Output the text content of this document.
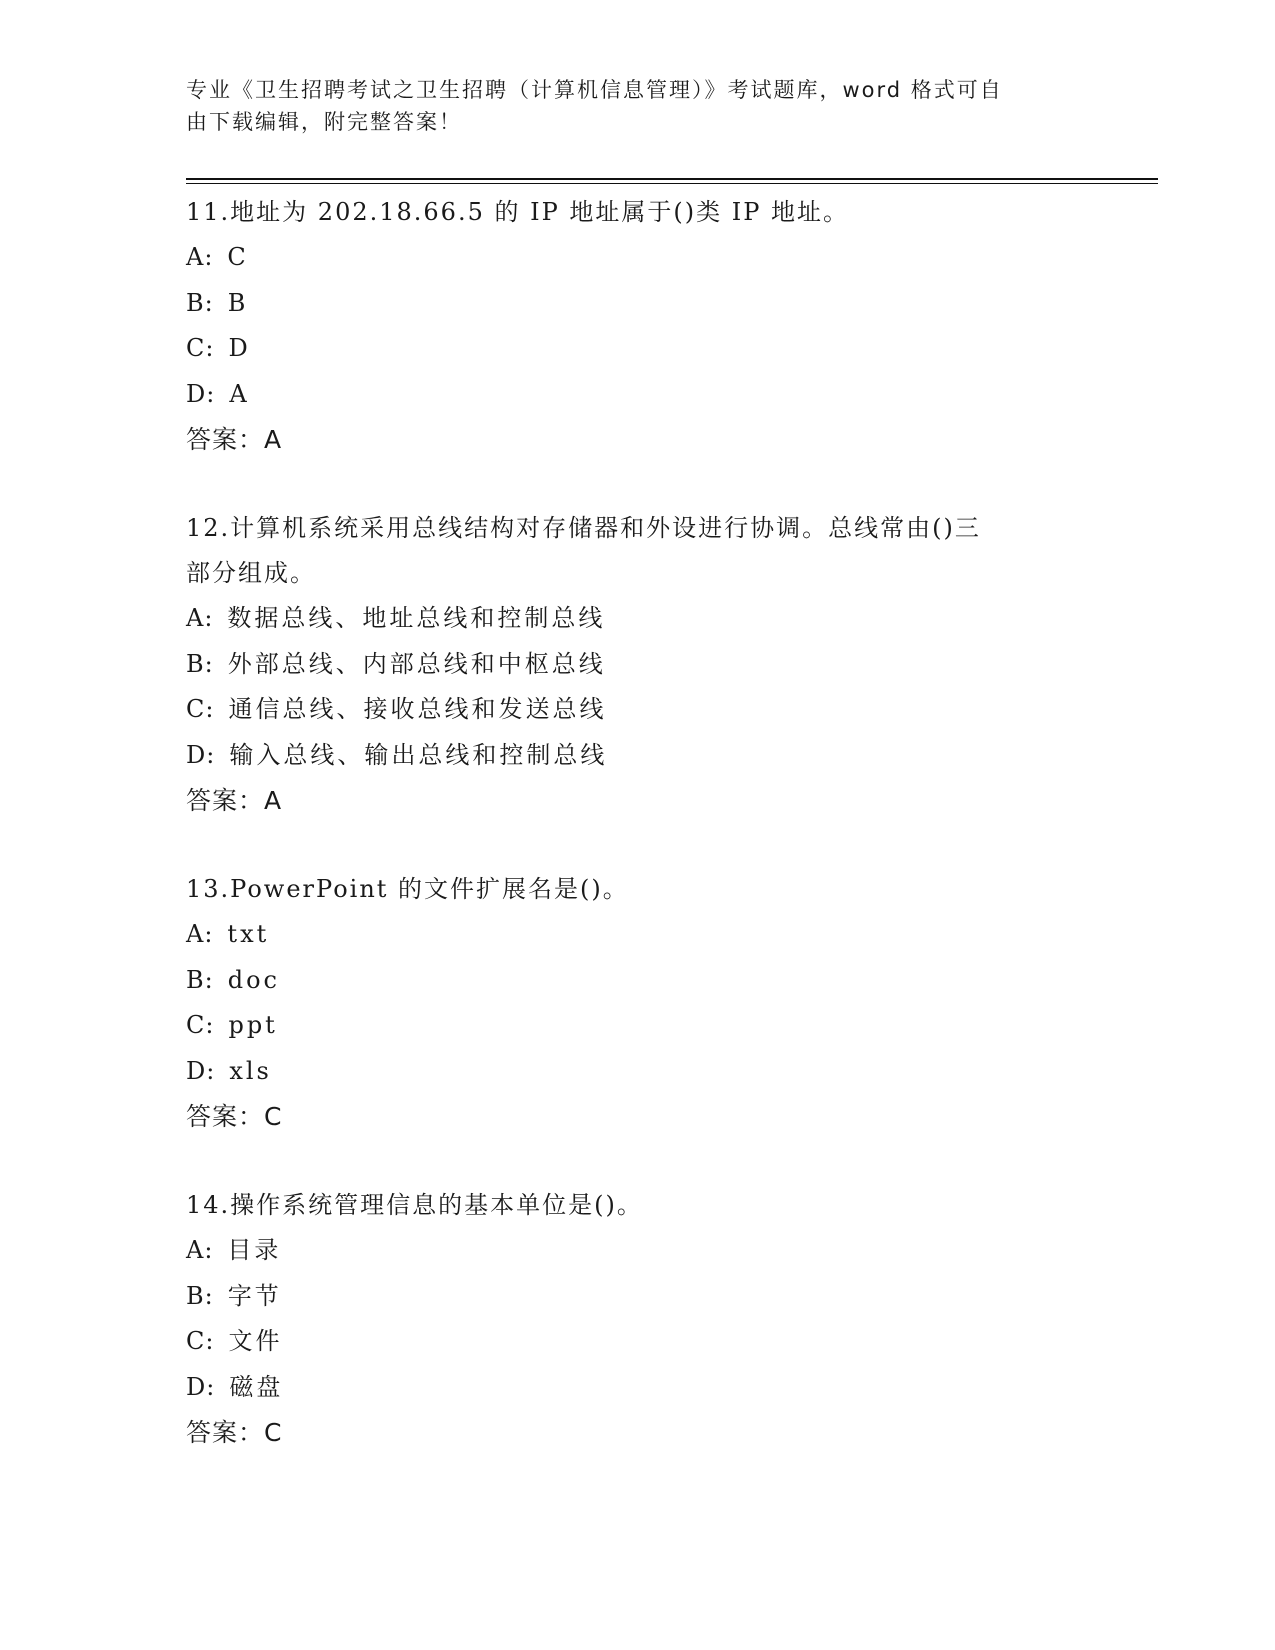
专业《卫生招聘考试之卫生招聘（计算机信息管理）》考试题库，word 格式可自
由下载编辑，附完整答案！
11.地址为 202.18.66.5 的 IP 地址属于()类 IP 地址。
A: C
B: B
C: D
D: A
答案：A
12.计算机系统采用总线结构对存储器和外设进行协调。总线常由()三
部分组成。
A: 数据总线、地址总线和控制总线
B: 外部总线、内部总线和中枢总线
C: 通信总线、接收总线和发送总线
D: 输入总线、输出总线和控制总线
答案：A
13.PowerPoint 的文件扩展名是()。
A: txt
B: doc
C: ppt
D: xls
答案：C
14.操作系统管理信息的基本单位是()。
A: 目录
B: 字节
C: 文件
D: 磁盘
答案：C
